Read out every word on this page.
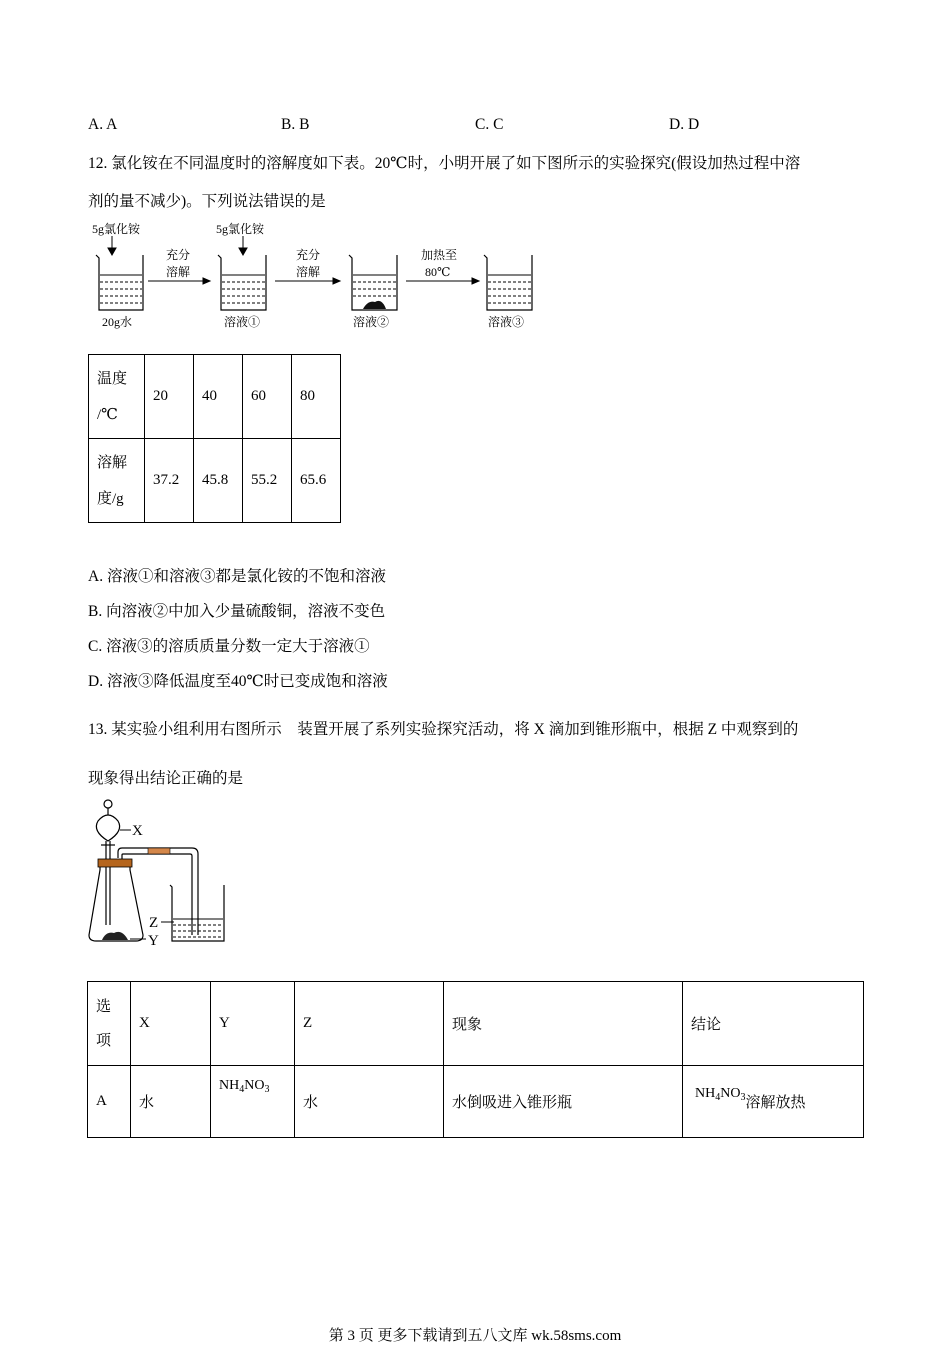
A. A	B. B	C. C	D. D
12. 氯化铵在不同温度时的溶解度如下表。20℃时，小明开展了如下图所示的实验探究(假设加热过程中溶
剂的量不减少)。下列说法错误的是
5g氯化铵	5g氯化铵
充分
溶解
充分
溶解
加热至
80℃
20g水	溶液①	溶液②	溶液③
温度
/℃	20	40	60	80

溶解
度/g	37.2	45.8	55.2	65.6
A. 溶液①和溶液③都是氯化铵的不饱和溶液
B. 向溶液②中加入少量硫酸铜，溶液不变色
C. 溶液③的溶质质量分数一定大于溶液①
D. 溶液③降低温度至40℃时已变成饱和溶液
13. 某实验小组利用右图所示　装置开展了系列实验探究活动，将 X 滴加到锥形瓶中，根据 Z 中观察到的
现象得出结论正确的是
X
Z
Y
选
项	X	Y	Z	现象	结论
A	水	$NH_4NO_3$	水	水倒吸进入锥形瓶	$NH_4NO_3$溶解放热
第 3 页 更多下载请到五八文库 wk.58sms.com
